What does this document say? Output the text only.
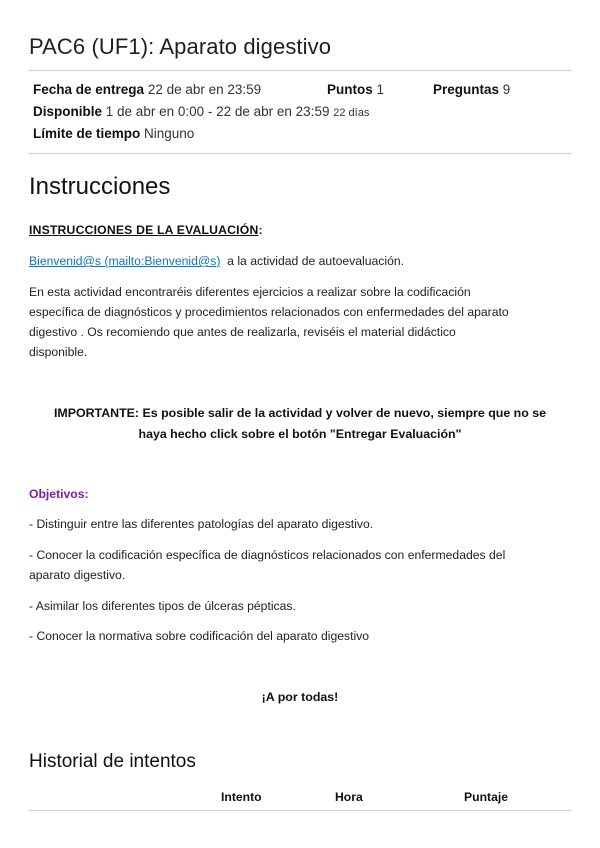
PAC6 (UF1): Aparato digestivo
Fecha de entrega 22 de abr en 23:59	Puntos 1	Preguntas 9
Disponible 1 de abr en 0:00 - 22 de abr en 23:59 22 días
Límite de tiempo Ninguno
Instrucciones

INSTRUCCIONES DE LA EVALUACIÓN:

Bienvenid@s (mailto:Bienvenid@s) a la actividad de autoevaluación.

En esta actividad encontraréis diferentes ejercicios a realizar sobre la codificación
específica de diagnósticos y procedimientos relacionados con enfermedades del aparato
digestivo . Os recomiendo que antes de realizarla, reviséis el material didáctico
disponible.
IMPORTANTE: Es posible salir de la actividad y volver de nuevo, siempre que no se
haya hecho click sobre el botón "Entregar Evaluación"

Objetivos:

- Distinguir entre las diferentes patologías del aparato digestivo.

- Conocer la codificación específica de diagnósticos relacionados con enfermedades del
aparato digestivo.

- Asimilar los diferentes tipos de úlceras pépticas.

- Conocer la normativa sobre codificación del aparato digestivo

¡A por todas!

Historial de intentos
Intento	Hora	Puntaje
